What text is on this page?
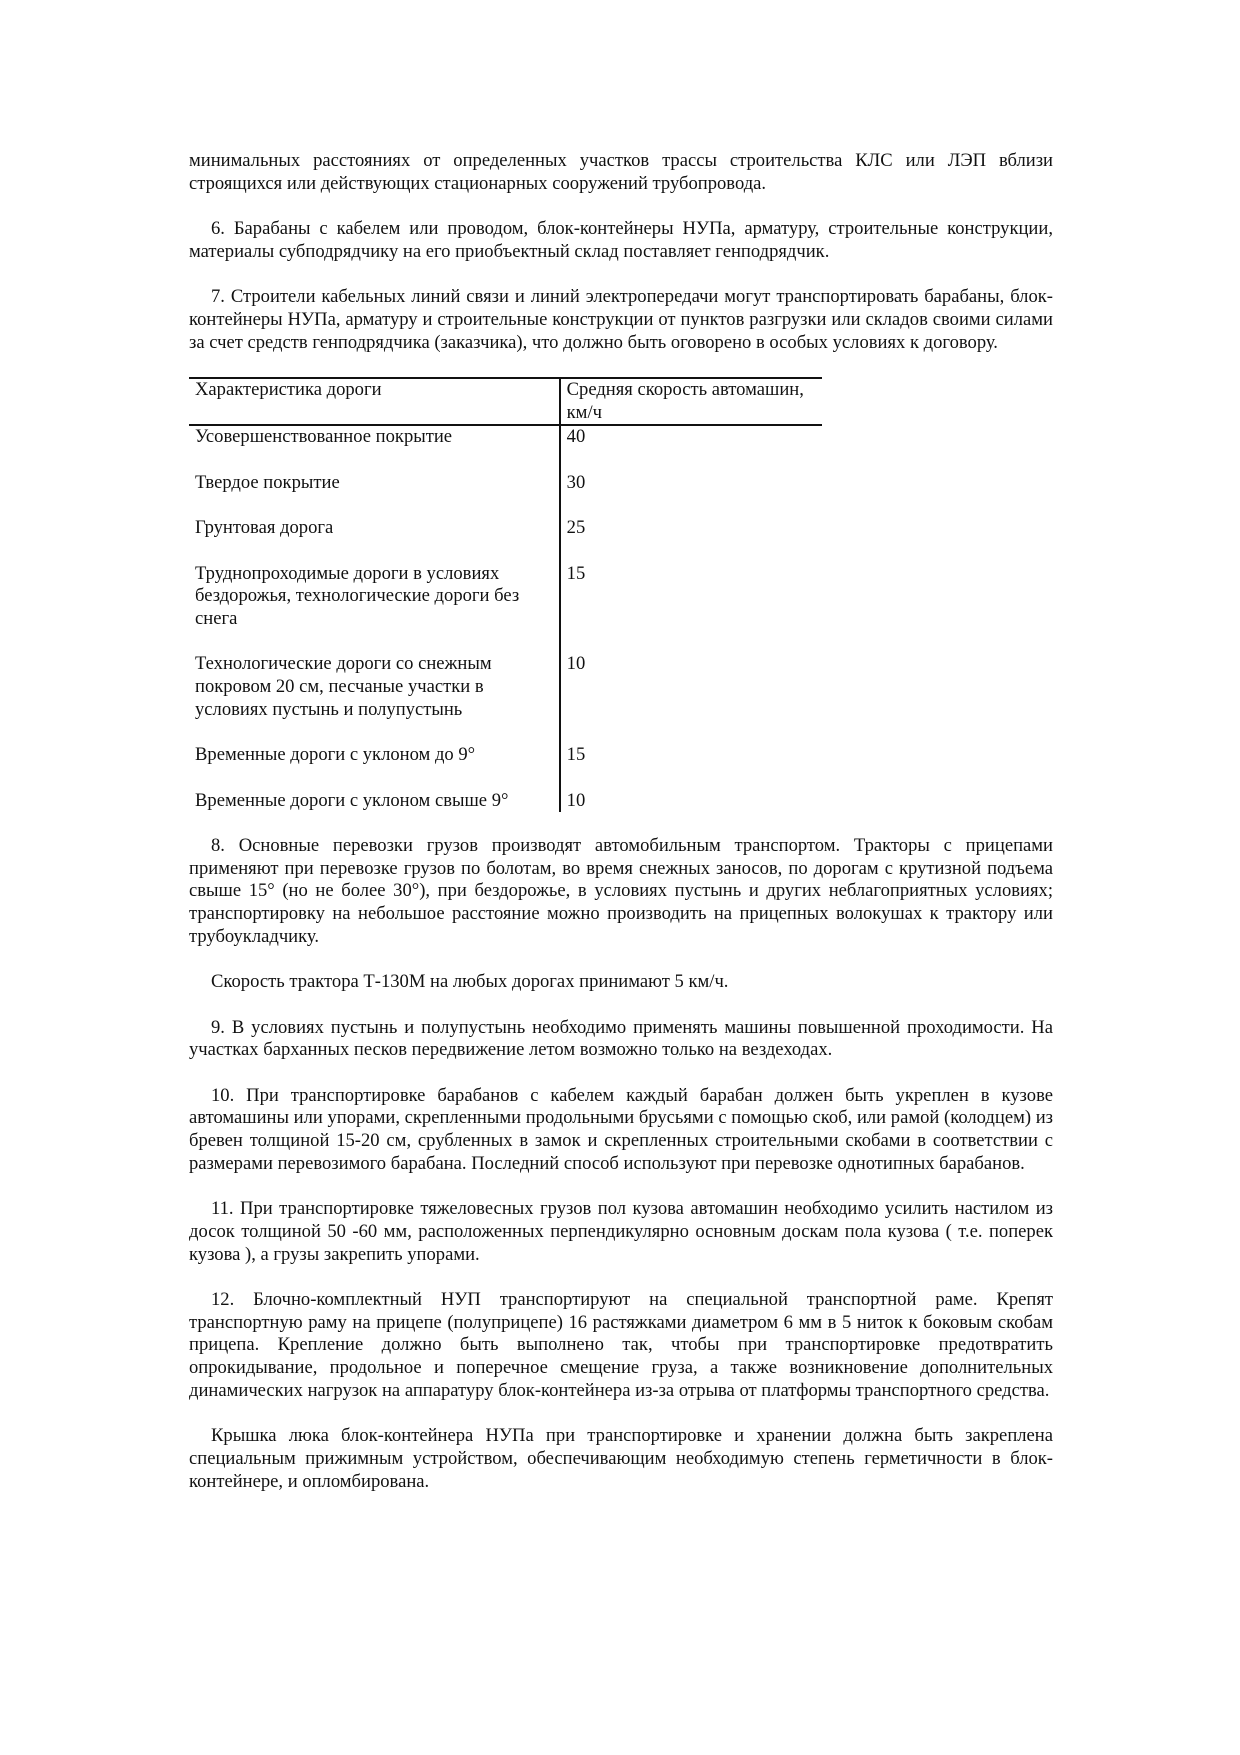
минимальных расстояниях от определенных участков трассы строительства КЛС или ЛЭП вблизи строящихся или действующих стационарных сооружений трубопровода.

6. Барабаны с кабелем или проводом, блок-контейнеры НУПа, арматуру, строительные конструкции, материалы субподрядчику на его приобъектный склад поставляет генподрядчик.

7. Строители кабельных линий связи и линий электропередачи могут транспортировать барабаны, блок-контейнеры НУПа, арматуру и строительные конструкции от пунктов разгрузки или складов своими силами за счет средств генподрядчика (заказчика), что должно быть оговорено в особых условиях к договору.

Характеристика дороги	Средняя скорость автомашин, км/ч
Усовершенствованное покрытие	40
Твердое покрытие	30
Грунтовая дорога	25
Труднопроходимые дороги в условиях бездорожья, технологические дороги без снега	15
Технологические дороги со снежным покровом 20 см, песчаные участки в условиях пустынь и полупустынь	10
Временные дороги с уклоном до 9°	15
Временные дороги с уклоном свыше 9°	10

8. Основные перевозки грузов производят автомобильным транспортом. Тракторы с прицепами применяют при перевозке грузов по болотам, во время снежных заносов, по дорогам с крутизной подъема свыше 15° (но не более 30°), при бездорожье, в условиях пустынь и других неблагоприятных условиях; транспортировку на небольшое расстояние можно производить на прицепных волокушах к трактору или трубоукладчику.

Скорость трактора Т-130М на любых дорогах принимают 5 км/ч.

9. В условиях пустынь и полупустынь необходимо применять машины повышенной проходимости. На участках барханных песков передвижение летом возможно только на вездеходах.

10. При транспортировке барабанов с кабелем каждый барабан должен быть укреплен в кузове автомашины или упорами, скрепленными продольными брусьями с помощью скоб, или рамой (колодцем) из бревен толщиной 15-20 см, срубленных в замок и скрепленных строительными скобами в соответствии с размерами перевозимого барабана. Последний способ используют при перевозке однотипных барабанов.

11. При транспортировке тяжеловесных грузов пол кузова автомашин необходимо усилить настилом из досок толщиной 50 -60 мм, расположенных перпендикулярно основным доскам пола кузова ( т.е. поперек кузова ), а грузы закрепить упорами.

12. Блочно-комплектный НУП транспортируют на специальной транспортной раме. Крепят транспортную раму на прицепе (полуприцепе) 16 растяжками диаметром 6 мм в 5 ниток к боковым скобам прицепа. Крепление должно быть выполнено так, чтобы при транспортировке предотвратить опрокидывание, продольное и поперечное смещение груза, а также возникновение дополнительных динамических нагрузок на аппаратуру блок-контейнера из-за отрыва от платформы транспортного средства.

Крышка люка блок-контейнера НУПа при транспортировке и хранении должна быть закреплена специальным прижимным устройством, обеспечивающим необходимую степень герметичности в блок-контейнере, и опломбирована.
